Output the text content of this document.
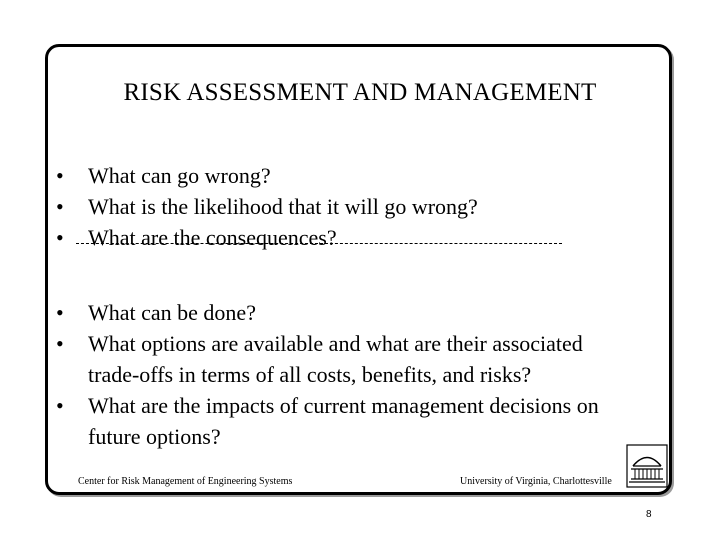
RISK ASSESSMENT AND MANAGEMENT
•	What can go wrong?
•	What is the likelihood that it will go wrong?
•	What are the consequences?
•	What can be done?
•	What options are available and what are their associated
trade-offs in terms of all costs, benefits, and risks?
•	What are the impacts of current management decisions on
future options?
Center for Risk Management of Engineering Systems	University of Virginia, Charlottesville
8
